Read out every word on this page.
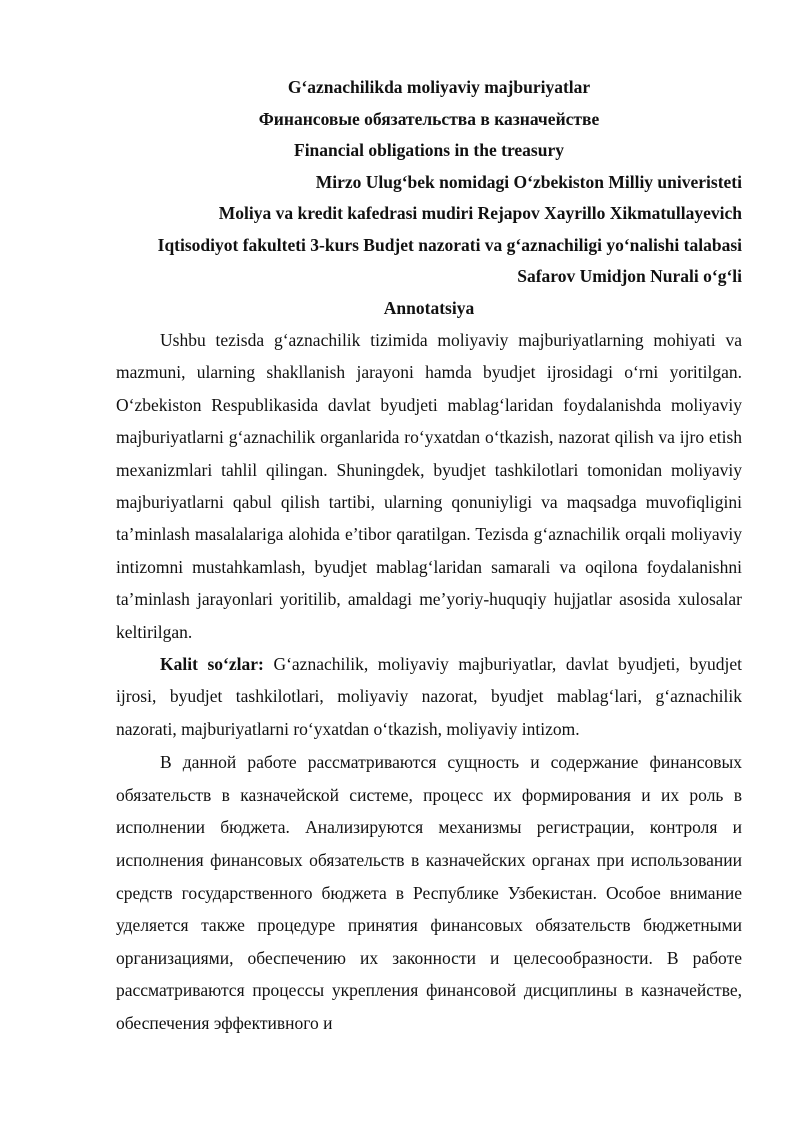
G‘aznachilikda moliyaviy majburiyatlar
Финансовые обязательства в казначействе
Financial obligations in the treasury
Mirzo Ulug‘bek nomidagi O‘zbekiston Milliy univeristeti
Moliya va kredit kafedrasi mudiri Rejapov Xayrillo Xikmatullayevich
Iqtisodiyot fakulteti 3-kurs Budjet nazorati va g‘aznachiligi yo‘nalishi talabasi
Safarov Umidjon Nurali o‘g‘li
Annotatsiya

Ushbu tezisda g‘aznachilik tizimida moliyaviy majburiyatlarning mohiyati va mazmuni, ularning shakllanish jarayoni hamda byudjet ijrosidagi o‘rni yoritilgan. O‘zbekiston Respublikasida davlat byudjeti mablag‘laridan foydalanishda moliyaviy majburiyatlarni g‘aznachilik organlarida ro‘yxatdan o‘tkazish, nazorat qilish va ijro etish mexanizmlari tahlil qilingan. Shuningdek, byudjet tashkilotlari tomonidan moliyaviy majburiyatlarni qabul qilish tartibi, ularning qonuniyligi va maqsadga muvofiqligini ta’minlash masalalariga alohida e’tibor qaratilgan. Tezisda g‘aznachilik orqali moliyaviy intizomni mustahkamlash, byudjet mablag‘laridan samarali va oqilona foydalanishni ta’minlash jarayonlari yoritilib, amaldagi me’yoriy-huquqiy hujjatlar asosida xulosalar keltirilgan.

Kalit so‘zlar: G‘aznachilik, moliyaviy majburiyatlar, davlat byudjeti, byudjet ijrosi, byudjet tashkilotlari, moliyaviy nazorat, byudjet mablag‘lari, g‘aznachilik nazorati, majburiyatlarni ro‘yxatdan o‘tkazish, moliyaviy intizom.

В данной работе рассматриваются сущность и содержание финансовых обязательств в казначейской системе, процесс их формирования и их роль в исполнении бюджета. Анализируются механизмы регистрации, контроля и исполнения финансовых обязательств в казначейских органах при использовании средств государственного бюджета в Республике Узбекистан. Особое внимание уделяется также процедуре принятия финансовых обязательств бюджетными организациями, обеспечению их законности и целесообразности. В работе рассматриваются процессы укрепления финансовой дисциплины в казначействе, обеспечения эффективного и
